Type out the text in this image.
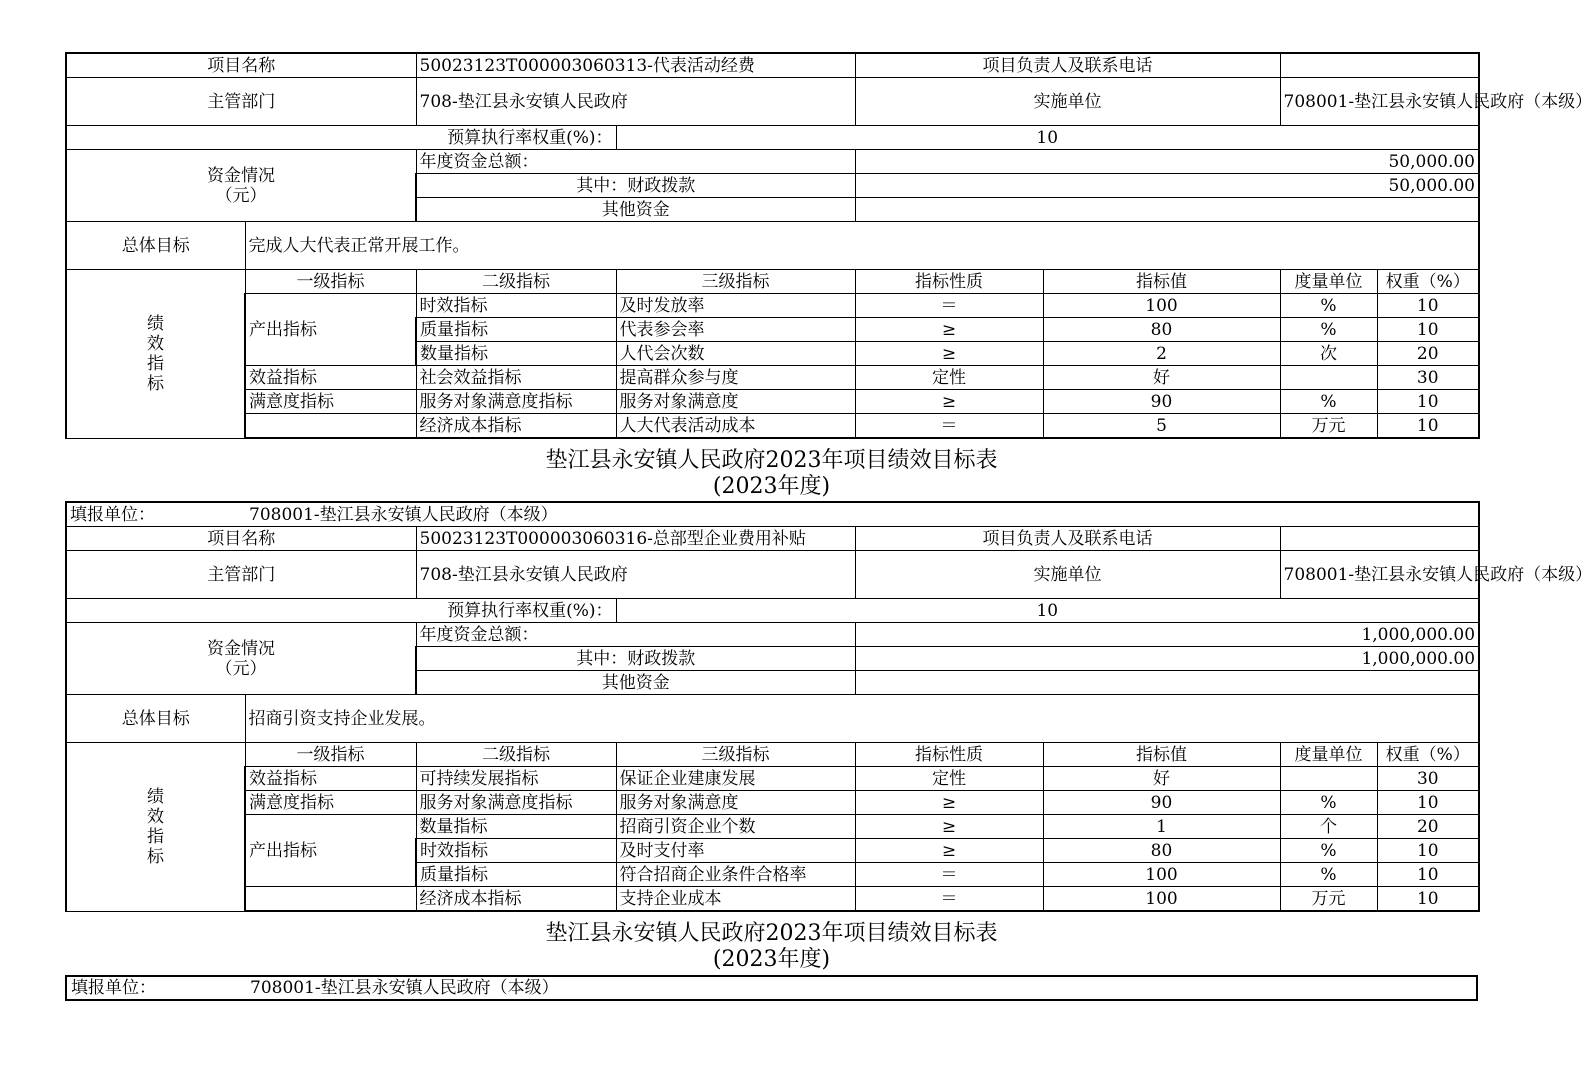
项目名称		50023123T000003060313-代表活动经费		项目负责人及联系电话			
主管部门		708-垫江县永安镇人民政府		实施单位		708001-垫江县永安镇人民政府（本级）	
预算执行率权重(%)：			10				
资金情况
（元）		年度资金总额：		50,000.00			
		其中：财政拨款		50,000.00			
		其他资金					
总体目标	完成人大代表正常开展工作。						
绩
效
指
标	一级指标	二级指标	三级指标	指标性质	指标值	度量单位	权重（%）
	产出指标	时效指标	及时发放率	＝	100	%	10
		质量指标	代表参会率	≥	80	%	10
		数量指标	人代会次数	≥	2	次	20
	效益指标	社会效益指标	提高群众参与度	定性	好		30
	满意度指标	服务对象满意度指标	服务对象满意度	≥	90	%	10
		经济成本指标	人大代表活动成本	＝	5	万元	10
垫江县永安镇人民政府2023年项目绩效目标表
(2023年度)
填报单位： 708001-垫江县永安镇人民政府（本级）							
项目名称		50023123T000003060316-总部型企业费用补贴		项目负责人及联系电话			
主管部门		708-垫江县永安镇人民政府		实施单位		708001-垫江县永安镇人民政府（本级）	
预算执行率权重(%)：			10				
资金情况
（元）		年度资金总额：		1,000,000.00			
		其中：财政拨款		1,000,000.00			
		其他资金					
总体目标	招商引资支持企业发展。						
绩
效
指
标	一级指标	二级指标	三级指标	指标性质	指标值	度量单位	权重（%）
	效益指标	可持续发展指标	保证企业建康发展	定性	好		30
	满意度指标	服务对象满意度指标	服务对象满意度	≥	90	%	10
	产出指标	数量指标	招商引资企业个数	≥	1	个	20
		时效指标	及时支付率	≥	80	%	10
		质量指标	符合招商企业条件合格率	＝	100	%	10
		经济成本指标	支持企业成本	＝	100	万元	10
垫江县永安镇人民政府2023年项目绩效目标表
(2023年度)
填报单位：	708001-垫江县永安镇人民政府（本级）
